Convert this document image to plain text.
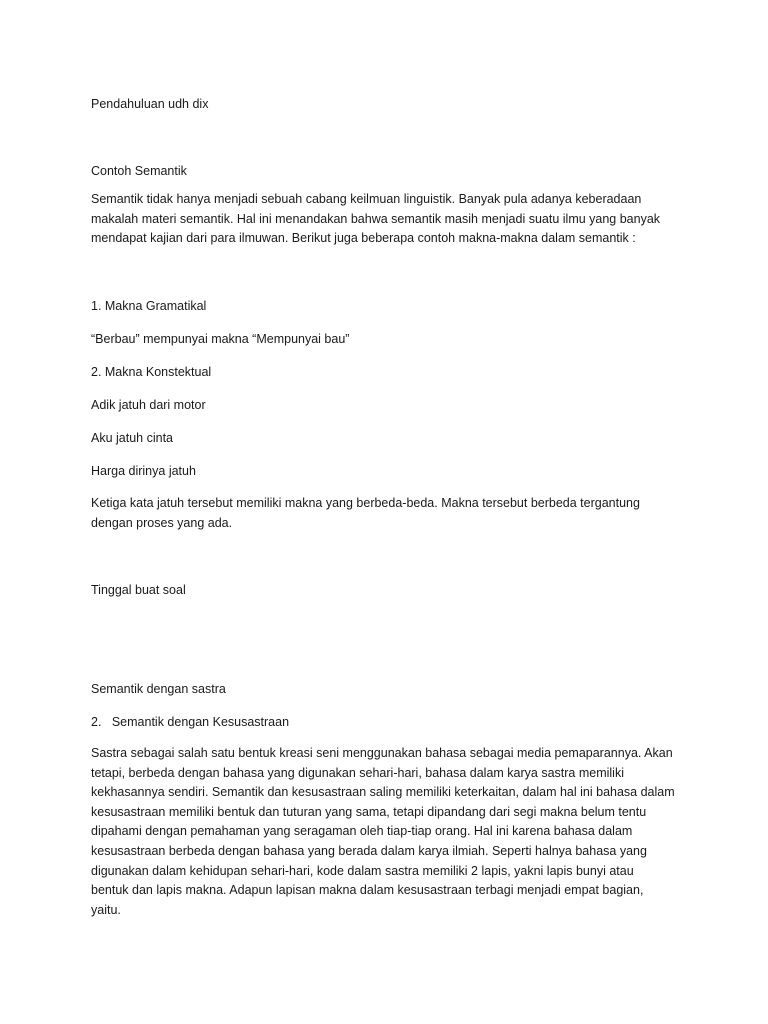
Pendahuluan udh dix
Contoh Semantik
Semantik tidak hanya menjadi sebuah cabang keilmuan linguistik. Banyak pula adanya keberadaan
makalah materi semantik. Hal ini menandakan bahwa semantik masih menjadi suatu ilmu yang banyak
mendapat kajian dari para ilmuwan. Berikut juga beberapa contoh makna-makna dalam semantik :
1. Makna Gramatikal
“Berbau” mempunyai makna “Mempunyai bau”
2. Makna Konstektual
Adik jatuh dari motor
Aku jatuh cinta
Harga dirinya jatuh
Ketiga kata jatuh tersebut memiliki makna yang berbeda-beda. Makna tersebut berbeda tergantung
dengan proses yang ada.
Tinggal buat soal
Semantik dengan sastra
2.   Semantik dengan Kesusastraan
Sastra sebagai salah satu bentuk kreasi seni menggunakan bahasa sebagai media pemaparannya. Akan
tetapi, berbeda dengan bahasa yang digunakan sehari-hari, bahasa dalam karya sastra memiliki
kekhasannya sendiri. Semantik dan kesusastraan saling memiliki keterkaitan, dalam hal ini bahasa dalam
kesusastraan memiliki bentuk dan tuturan yang sama, tetapi dipandang dari segi makna belum tentu
dipahami dengan pemahaman yang seragaman oleh tiap-tiap orang. Hal ini karena bahasa dalam
kesusastraan berbeda dengan bahasa yang berada dalam karya ilmiah. Seperti halnya bahasa yang
digunakan dalam kehidupan sehari-hari, kode dalam sastra memiliki 2 lapis, yakni lapis bunyi atau
bentuk dan lapis makna. Adapun lapisan makna dalam kesusastraan terbagi menjadi empat bagian,
yaitu.
